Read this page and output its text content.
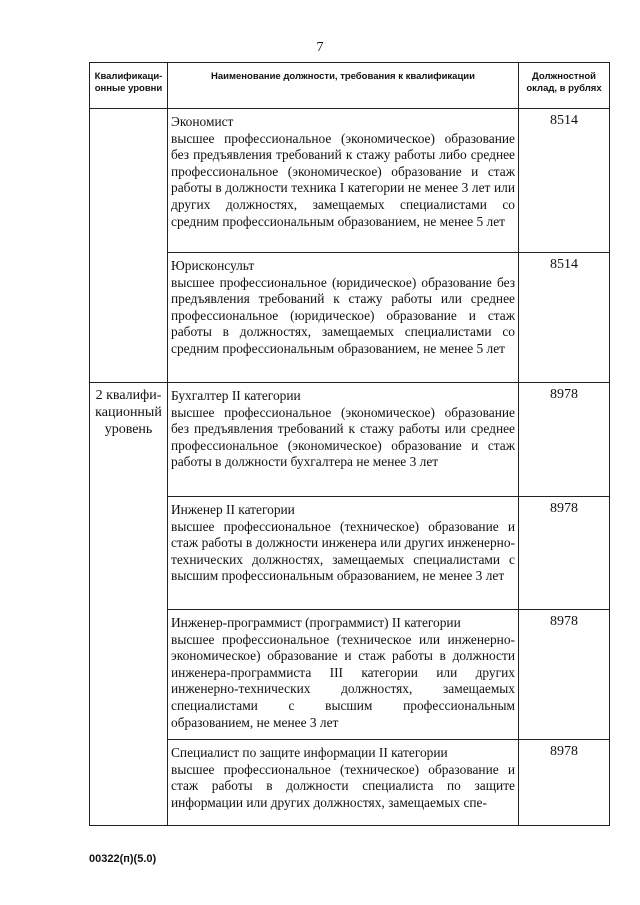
7
Квалификаци-онные уровни	Наименование должности, требования к квалификации	Должностной оклад, в рублях

	Экономист
высшее профессиональное (экономическое) образование без предъявления требований к стажу работы либо среднее профессиональное (экономическое) образование и стаж работы в должности техника I категории не менее 3 лет или других должностях, замещаемых специалистами со средним профессиональным образованием, не менее 5 лет	8514

	Юрисконсульт
высшее профессиональное (юридическое) образование без предъявления требований к стажу работы или среднее профессиональное (юридическое) образование и стаж работы в должностях, замещаемых специалистами со средним профессиональным образованием, не менее 5 лет	8514
2 квалифи-кационный уровень	Бухгалтер II категории
высшее профессиональное (экономическое) образование без предъявления требований к стажу работы или среднее профессиональное (экономическое) образование и стаж работы в должности бухгалтера не менее 3 лет	8978

	Инженер II категории
высшее профессиональное (техническое) образование и стаж работы в должности инженера или других инженерно-технических должностях, замещаемых специалистами с высшим профессиональным образованием, не менее 3 лет	8978

	Инженер-программист (программист) II категории
высшее профессиональное (техническое или инженерно-экономическое) образование и стаж работы в должности инженера-программиста III категории или других инженерно-технических должностях, замещаемых специалистами с высшим профессиональным образованием, не менее 3 лет	8978

	Специалист по защите информации II категории
высшее профессиональное (техническое) образование и стаж работы в должности специалиста по защите информации или других должностях, замещаемых спе-	8978
00322(п)(5.0)
